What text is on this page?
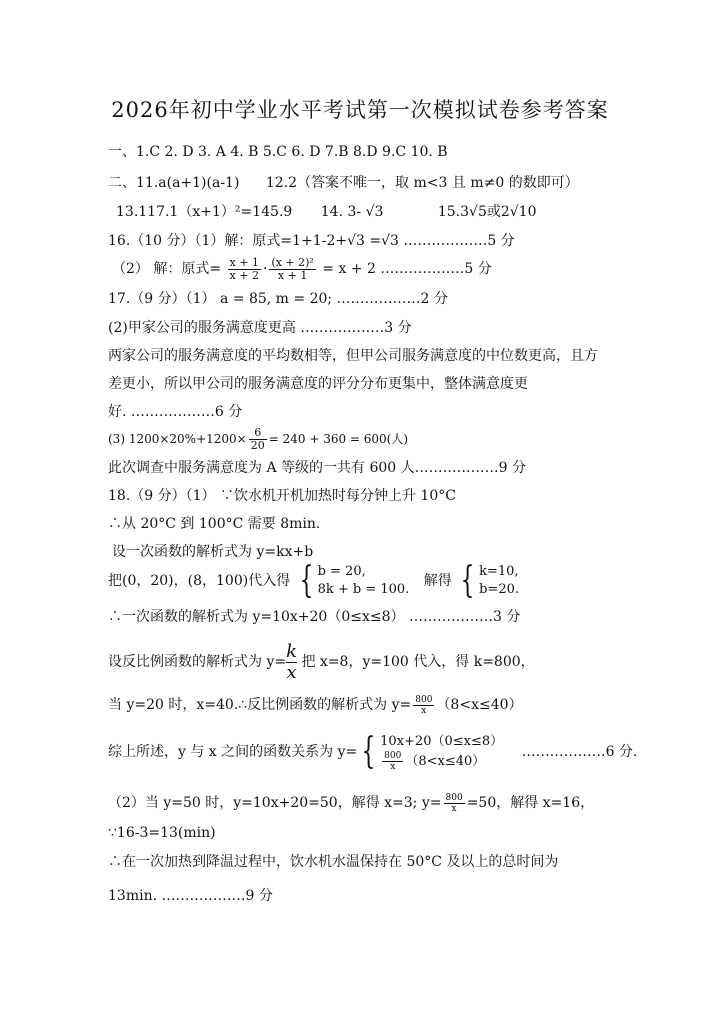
2026年初中学业水平考试第一次模拟试卷参考答案
一、1.C 2. D 3. A 4. B 5.C 6. D 7.B 8.D 9.C 10. B
二、11.a(a+1)(a-1) 12.2（答案不唯一，取 m<3 且 m≠0 的数即可）
13.117.1（x+1）²=145.9 14. 3- √3	15.3√5或2√10
16.（10 分）（1）解：原式=1+1-2+√3 =√3 ………………5 分
（2） 解：原式= $\frac{x + 1}{x + 2} \cdot \frac{\text{(x + 2)²}}{x + 1} = x + 2$ ………………5 分
17.（9 分）（1） a = 85, m = 20; ………………2 分
(2)甲家公司的服务满意度更高 ………………3 分
两家公司的服务满意度的平均数相等，但甲公司服务满意度的中位数更高，且方
差更小，所以甲公司的服务满意度的评分分布更集中，整体满意度更
好. ………………6 分
(3) $1200\times 20\%+1200\times \frac{6}{20} = 240 + 360 = 600$(人)
此次调查中服务满意度为 A 等级的一共有 600 人………………9 分
18.（9 分）（1） ∵饮水机开机加热时每分钟上升 10°C
∴从 20°C 到 100°C 需要 8min.
设一次函数的解析式为 y=kx+b
把(0，20)，(8，100)代入得 { b = 20,
8k + b = 100.
解得 { k=10,
b=20.
∴一次函数的解析式为 y=10x+20（0≤x≤8） ………………3 分
设反比例函数的解析式为 $y= \frac{k}{x}$ 把 x=8，y=100 代入，得 k=800，
当 y=20 时，x=40.∴反比例函数的解析式为 $y= \frac{800}{x} (8<x\le 40)$
综上所述，y 与 x 之间的函数关系为 y= { 10x+20（0≤x≤8）
$\frac{800}{x} (8<x\le 40)$
………………6 分.
（2）当 y=50 时，y=10x+20=50，解得 x=3; $y= \frac{800}{x} =50$，解得 x=16，
∵16-3=13(min)
∴在一次加热到降温过程中，饮水机水温保持在 50°C 及以上的总时间为
13min. ………………9 分
